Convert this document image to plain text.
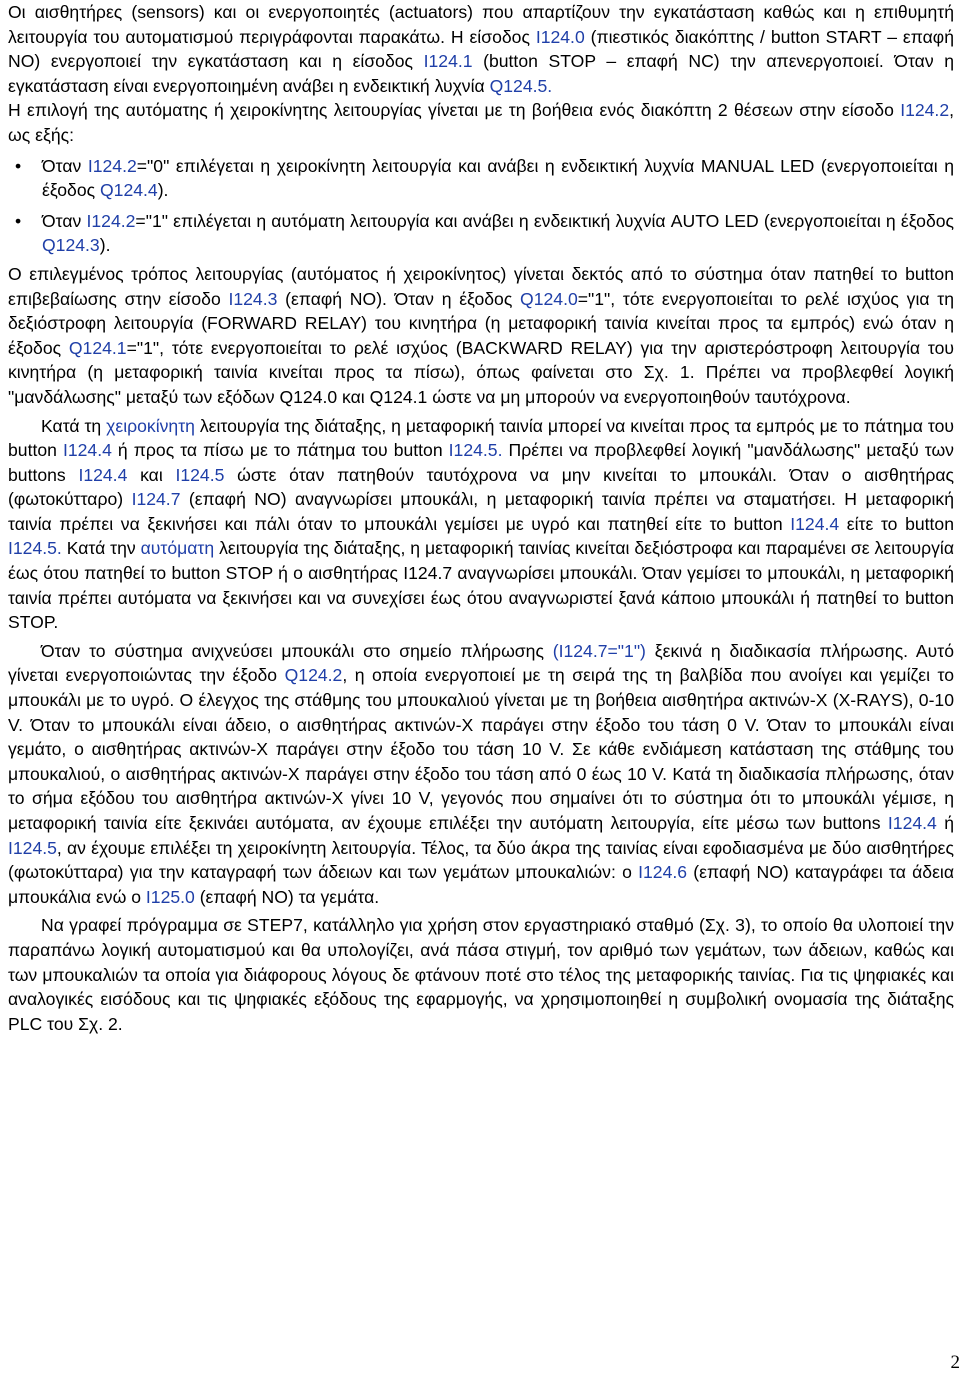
Οι αισθητήρες (sensors) και οι ενεργοποιητές (actuators) που απαρτίζουν την εγκατάσταση καθώς και η επιθυμητή λειτουργία του αυτοματισμού περιγράφονται παρακάτω. Η είσοδος I124.0 (πιεστικός διακόπτης / button START – επαφή NO) ενεργοποιεί την εγκατάσταση και η είσοδος I124.1 (button STOP – επαφή NC) την απενεργοποιεί. Όταν η εγκατάσταση είναι ενεργοποιημένη ανάβει η ενδεικτική λυχνία Q124.5.

Η επιλογή της αυτόματης ή χειροκίνητης λειτουργίας γίνεται με τη βοήθεια ενός διακόπτη 2 θέσεων στην είσοδο I124.2, ως εξής:

• Όταν I124.2="0" επιλέγεται η χειροκίνητη λειτουργία και ανάβει η ενδεικτική λυχνία MANUAL LED (ενεργοποιείται η έξοδος Q124.4).
• Όταν I124.2="1" επιλέγεται η αυτόματη λειτουργία και ανάβει η ενδεικτική λυχνία AUTO LED (ενεργοποιείται η έξοδος Q124.3).

Ο επιλεγμένος τρόπος λειτουργίας (αυτόματος ή χειροκίνητος) γίνεται δεκτός από το σύστημα όταν πατηθεί το button επιβεβαίωσης στην είσοδο I124.3 (επαφή NO). Όταν η έξοδος Q124.0="1", τότε ενεργοποιείται το ρελέ ισχύος για τη δεξιόστροφη λειτουργία (FORWARD RELAY) του κινητήρα (η μεταφορική ταινία κινείται προς τα εμπρός) ενώ όταν η έξοδος Q124.1="1", τότε ενεργοποιείται το ρελέ ισχύος (BACKWARD RELAY) για την αριστερόστροφη λειτουργία του κινητήρα (η μεταφορική ταινία κινείται προς τα πίσω), όπως φαίνεται στο Σχ. 1. Πρέπει να προβλεφθεί λογική "μανδάλωσης" μεταξύ των εξόδων Q124.0 και Q124.1 ώστε να μη μπορούν να ενεργοποιηθούν ταυτόχρονα.

Κατά τη χειροκίνητη λειτουργία της διάταξης, η μεταφορική ταινία μπορεί να κινείται προς τα εμπρός με το πάτημα του button I124.4 ή προς τα πίσω με το πάτημα του button I124.5. Πρέπει να προβλεφθεί λογική "μανδάλωσης" μεταξύ των buttons I124.4 και I124.5 ώστε όταν πατηθούν ταυτόχρονα να μην κινείται το μπουκάλι. Όταν ο αισθητήρας (φωτοκύτταρο) I124.7 (επαφή NO) αναγνωρίσει μπουκάλι, η μεταφορική ταινία πρέπει να σταματήσει. Η μεταφορική ταινία πρέπει να ξεκινήσει και πάλι όταν το μπουκάλι γεμίσει με υγρό και πατηθεί είτε το button I124.4 είτε το button I124.5. Κατά την αυτόματη λειτουργία της διάταξης, η μεταφορική ταινίας κινείται δεξιόστροφα και παραμένει σε λειτουργία έως ότου πατηθεί το button STOP ή ο αισθητήρας I124.7 αναγνωρίσει μπουκάλι. Όταν γεμίσει το μπουκάλι, η μεταφορική ταινία πρέπει αυτόματα να ξεκινήσει και να συνεχίσει έως ότου αναγνωριστεί ξανά κάποιο μπουκάλι ή πατηθεί το button STOP.

Όταν το σύστημα ανιχνεύσει μπουκάλι στο σημείο πλήρωσης (I124.7="1") ξεκινά η διαδικασία πλήρωσης. Αυτό γίνεται ενεργοποιώντας την έξοδο Q124.2, η οποία ενεργοποιεί με τη σειρά της τη βαλβίδα που ανοίγει και γεμίζει το μπουκάλι με το υγρό. Ο έλεγχος της στάθμης του μπουκαλιού γίνεται με τη βοήθεια αισθητήρα ακτινών-Χ (X-RAYS), 0-10 V. Όταν το μπουκάλι είναι άδειο, ο αισθητήρας ακτινών-Χ παράγει στην έξοδο του τάση 0 V. Όταν το μπουκάλι είναι γεμάτο, ο αισθητήρας ακτινών-Χ παράγει στην έξοδο του τάση 10 V. Σε κάθε ενδιάμεση κατάσταση της στάθμης του μπουκαλιού, ο αισθητήρας ακτινών-Χ παράγει στην έξοδο του τάση από 0 έως 10 V. Κατά τη διαδικασία πλήρωσης, όταν το σήμα εξόδου του αισθητήρα ακτινών-Χ γίνει 10 V, γεγονός που σημαίνει ότι το σύστημα ότι το μπουκάλι γέμισε, η μεταφορική ταινία είτε ξεκινάει αυτόματα, αν έχουμε επιλέξει την αυτόματη λειτουργία, είτε μέσω των buttons I124.4 ή I124.5, αν έχουμε επιλέξει τη χειροκίνητη λειτουργία. Τέλος, τα δύο άκρα της ταινίας είναι εφοδιασμένα με δύο αισθητήρες (φωτοκύτταρα) για την καταγραφή των άδειων και των γεμάτων μπουκαλιών: ο I124.6 (επαφή NO) καταγράφει τα άδεια μπουκάλια ενώ ο I125.0 (επαφή NO) τα γεμάτα.

Να γραφεί πρόγραμμα σε STEP7, κατάλληλο για χρήση στον εργαστηριακό σταθμό (Σχ. 3), το οποίο θα υλοποιεί την παραπάνω λογική αυτοματισμού και θα υπολογίζει, ανά πάσα στιγμή, τον αριθμό των γεμάτων, των άδειων, καθώς και των μπουκαλιών τα οποία για διάφορους λόγους δε φτάνουν ποτέ στο τέλος της μεταφορικής ταινίας. Για τις ψηφιακές και αναλογικές εισόδους και τις ψηφιακές εξόδους της εφαρμογής, να χρησιμοποιηθεί η συμβολική ονομασία της διάταξης PLC του Σχ. 2.

2
